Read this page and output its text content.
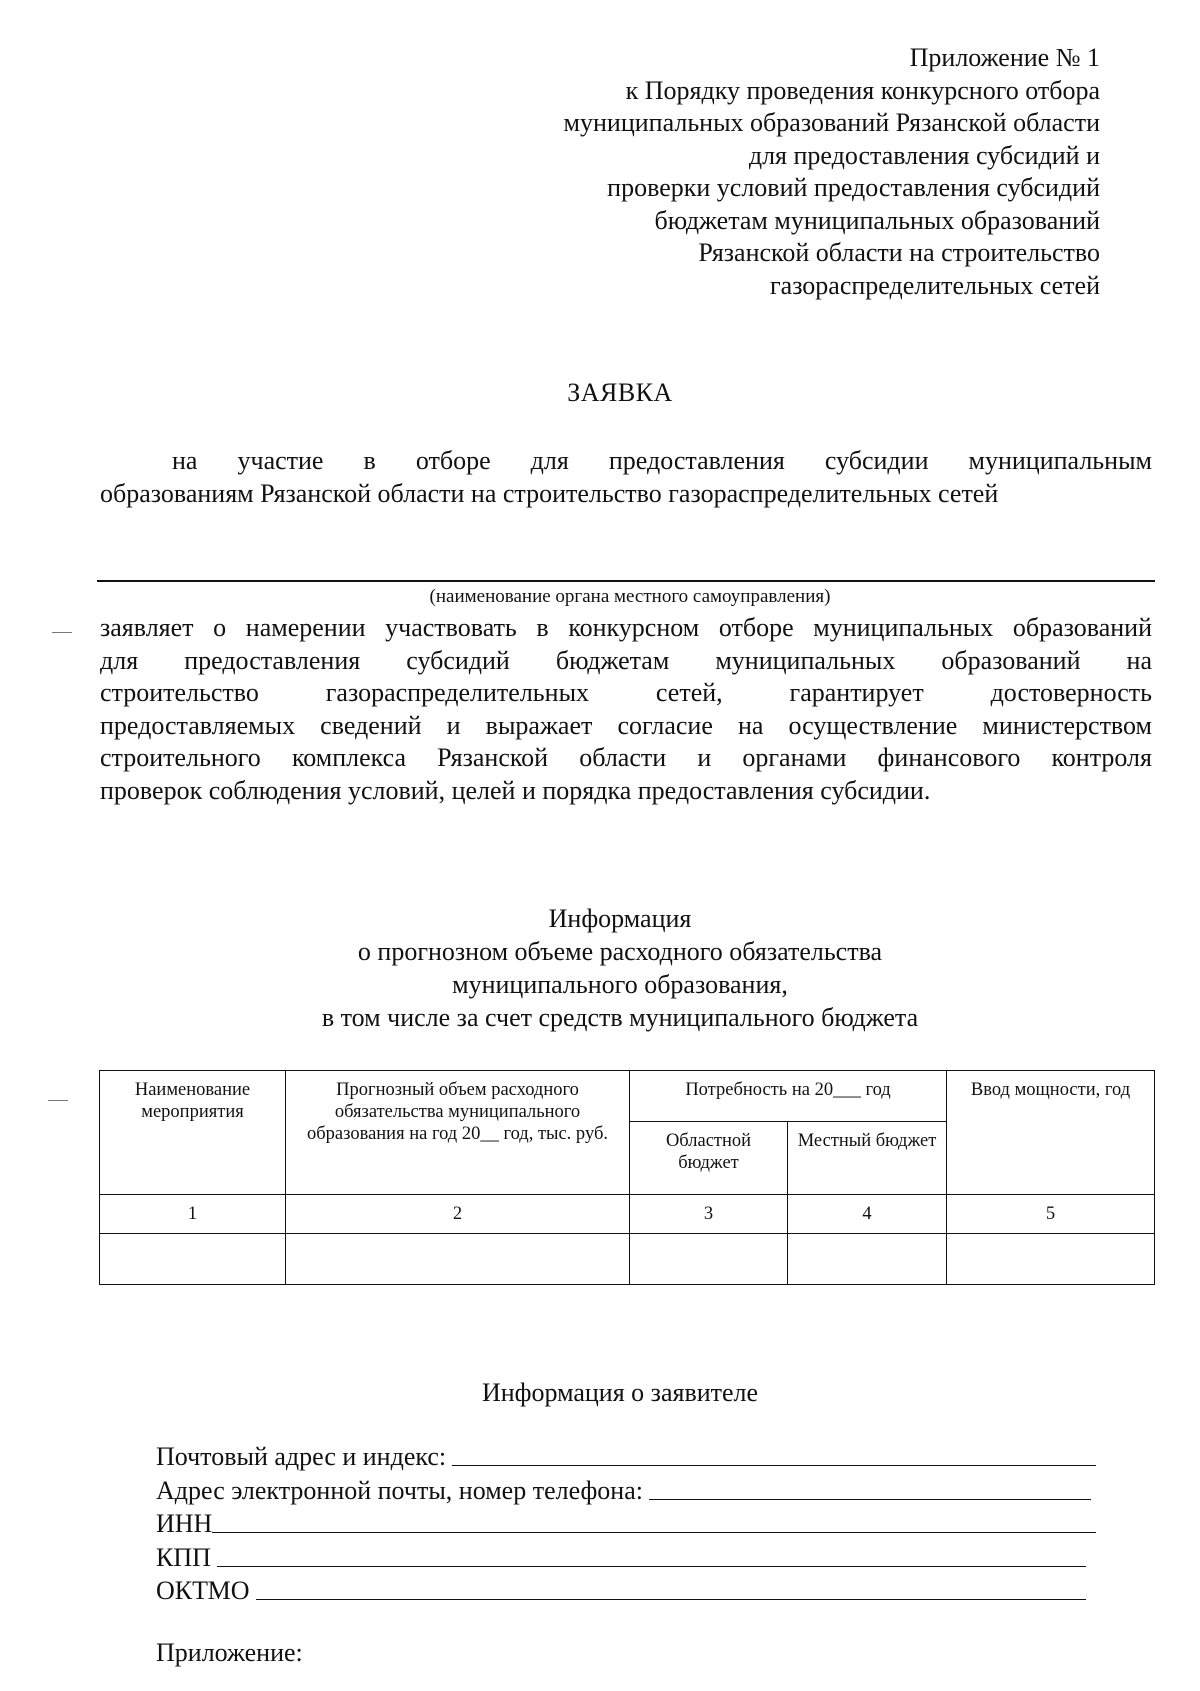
Приложение № 1
к Порядку проведения конкурсного отбора
муниципальных образований Рязанской области
для предоставления субсидий и
проверки условий предоставления субсидий
бюджетам муниципальных образований
Рязанской области на строительство
газораспределительных сетей
ЗАЯВКА
на участие в отборе для предоставления субсидии муниципальным
образованиям Рязанской области на строительство газораспределительных сетей
(наименование органа местного самоуправления)
заявляет о намерении участвовать в конкурсном отборе муниципальных образований
для предоставления субсидий бюджетам муниципальных образований на
строительство газораспределительных сетей, гарантирует достоверность
предоставляемых сведений и выражает согласие на осуществление министерством
строительного комплекса Рязанской области и органами финансового контроля
проверок соблюдения условий, целей и порядка предоставления субсидии.
Информация
о прогнозном объеме расходного обязательства
муниципального образования,
в том числе за счет средств муниципального бюджета
Наименование мероприятия	Прогнозный объем расходного обязательства муниципального образования на год 20__ год, тыс. руб.	Потребность на 20___ год		Ввод мощности, год
		Областной бюджет	Местный бюджет	
1	2	3	4	5

Информация о заявителе
Почтовый адрес и индекс:
Адрес электронной почты, номер телефона:
ИНН
КПП
ОКТМО
Приложение:
